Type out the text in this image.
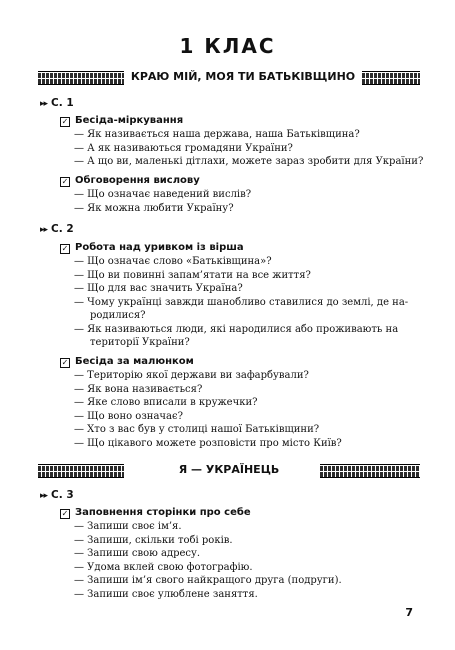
1 КЛАС
КРАЮ МІЙ, МОЯ ТИ БАТЬКІВЩИНО
▸▸ С. 1
✓ Бесіда-міркування
— Як називається наша держава, наша Батьківщина?
— А як називаються громадяни України?
— А що ви, маленькі дітлахи, можете зараз зробити для України?
✓ Обговорення вислову
— Що означає наведений вислів?
— Як можна любити Україну?
▸▸ С. 2
✓ Робота над уривком із вірша
— Що означає слово «Батьківщина»?
— Що ви повинні запам’ятати на все життя?
— Що для вас значить Україна?
— Чому українці завжди шанобливо ставилися до землі, де на-
родилися?
— Як називаються люди, які народилися або проживають на
території України?
✓ Бесіда за малюнком
— Територію якої держави ви зафарбували?
— Як вона називається?
— Яке слово вписали в кружечки?
— Що воно означає?
— Хто з вас був у столиці нашої Батьківщини?
— Що цікавого можете розповісти про місто Київ?
Я — УКРАЇНЕЦЬ
▸▸ С. 3
✓ Заповнення сторінки про себе
— Запиши своє ім’я.
— Запиши, скільки тобі років.
— Запиши свою адресу.
— Удома вклей свою фотографію.
— Запиши ім’я свого найкращого друга (подруги).
— Запиши своє улюблене заняття.
7
